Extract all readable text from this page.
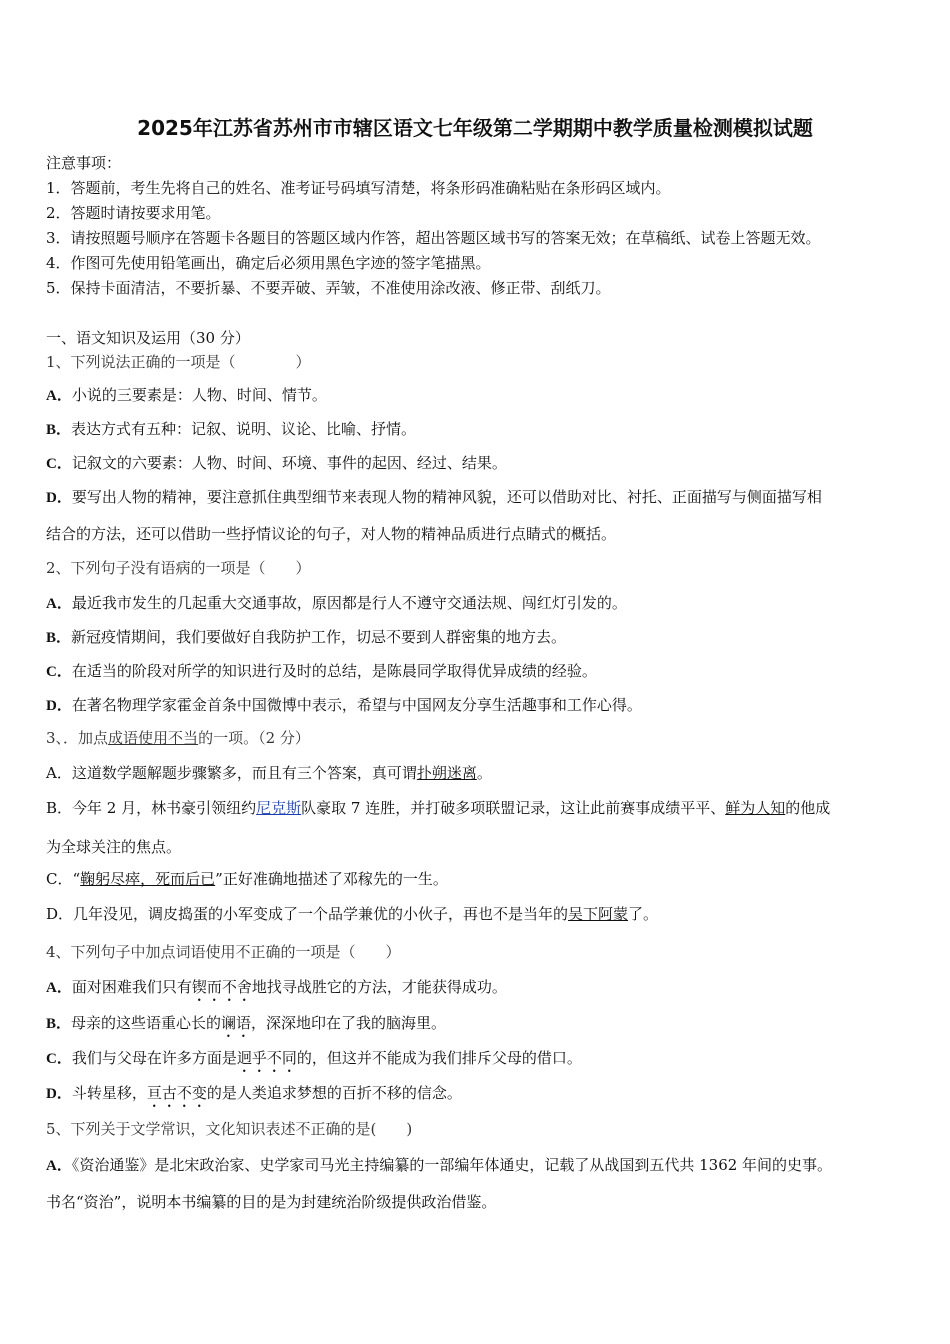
2025年江苏省苏州市市辖区语文七年级第二学期期中教学质量检测模拟试题
注意事项：
1．答题前，考生先将自己的姓名、准考证号码填写清楚，将条形码准确粘贴在条形码区域内。
2．答题时请按要求用笔。
3．请按照题号顺序在答题卡各题目的答题区域内作答，超出答题区域书写的答案无效；在草稿纸、试卷上答题无效。
4．作图可先使用铅笔画出，确定后必须用黑色字迹的签字笔描黑。
5．保持卡面清洁，不要折暴、不要弄破、弄皱，不准使用涂改液、修正带、刮纸刀。
一、语文知识及运用（30 分）
1、下列说法正确的一项是（　　　　）
A．小说的三要素是：人物、时间、情节。
B．表达方式有五种：记叙、说明、议论、比喻、抒情。
C．记叙文的六要素：人物、时间、环境、事件的起因、经过、结果。
D．要写出人物的精神，要注意抓住典型细节来表现人物的精神风貌，还可以借助对比、衬托、正面描写与侧面描写相
结合的方法，还可以借助一些抒情议论的句子，对人物的精神品质进行点睛式的概括。
2、下列句子没有语病的一项是（　　）
A．最近我市发生的几起重大交通事故，原因都是行人不遵守交通法规、闯红灯引发的。
B．新冠疫情期间，我们要做好自我防护工作，切忌不要到人群密集的地方去。
C．在适当的阶段对所学的知识进行及时的总结，是陈晨同学取得优异成绩的经验。
D．在著名物理学家霍金首条中国微博中表示，希望与中国网友分享生活趣事和工作心得。
3、．加点成语使用不当的一项。（2 分）
A．这道数学题解题步骤繁多，而且有三个答案，真可谓扑朔迷离。
B．今年 2 月，林书豪引领纽约尼克斯队豪取 7 连胜，并打破多项联盟记录，这让此前赛事成绩平平、鲜为人知的他成
为全球关注的焦点。
C．“鞠躬尽瘁，死而后已”正好准确地描述了邓稼先的一生。
D．几年没见，调皮捣蛋的小军变成了一个品学兼优的小伙子，再也不是当年的吴下阿蒙了。
4、下列句子中加点词语使用不正确的一项是（　　）
A．面对困难我们只有锲而不舍地找寻战胜它的方法，才能获得成功。
B．母亲的这些语重心长的谰语，深深地印在了我的脑海里。
C．我们与父母在许多方面是迥乎不同的，但这并不能成为我们排斥父母的借口。
D．斗转星移，亘古不变的是人类追求梦想的百折不移的信念。
5、下列关于文学常识，文化知识表述不正确的是(　　)
A．《资治通鉴》是北宋政治家、史学家司马光主持编纂的一部编年体通史，记载了从战国到五代共 1362 年间的史事。
书名“资治”，说明本书编纂的目的是为封建统治阶级提供政治借鉴。
